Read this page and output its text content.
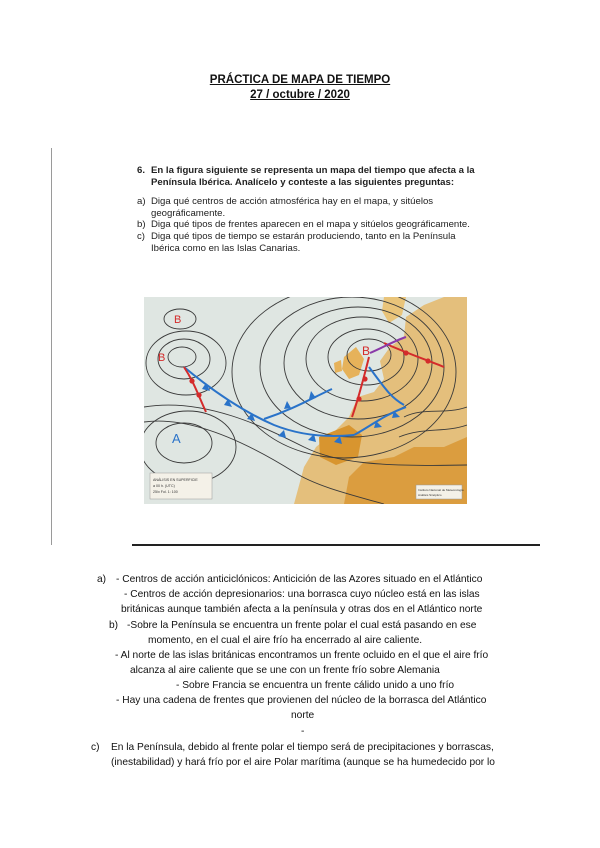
PRÁCTICA DE MAPA DE TIEMPO
27 / octubre / 2020
6. En la figura siguiente se representa un mapa del tiempo que afecta a la
Península Ibérica. Analícelo y conteste a las siguientes preguntas:
a) Diga qué centros de acción atmosférica hay en el mapa, y sitúelos
geográficamente.
b) Diga qué tipos de frentes aparecen en el mapa y sitúelos geográficamente.
c) Diga qué tipos de tiempo se estarán produciendo, tanto en la Península
Ibérica como en las Islas Canarias.
A
B
B
B
ANÁLISIS EN SUPERFICIE
a 00 h. (UTC)
25/x Fol. 1: 100	Instituto Nacional de Meteorología
Análisis Sinóptico
a) - Centros de acción anticiclónicos: Anticición de las Azores situado en el Atlántico
- Centros de acción depresionarios: una borrasca cuyo núcleo está en las islas
británicas aunque también afecta a la península y otras dos en el Atlántico norte
b) -Sobre la Península se encuentra un frente polar el cual está pasando en ese
momento, en el cual el aire frío ha encerrado al aire caliente.
- Al norte de las islas británicas encontramos un frente ocluido en el que el aire frío
alcanza al aire caliente que se une con un frente frío sobre Alemania
- Sobre Francia se encuentra un frente cálido unido a uno frío
- Hay una cadena de frentes que provienen del núcleo de la borrasca del Atlántico
norte
-
c) En la Península, debido al frente polar el tiempo será de precipitaciones y borrascas,
(inestabilidad) y hará frío por el aire Polar marítima (aunque se ha humedecido por lo
